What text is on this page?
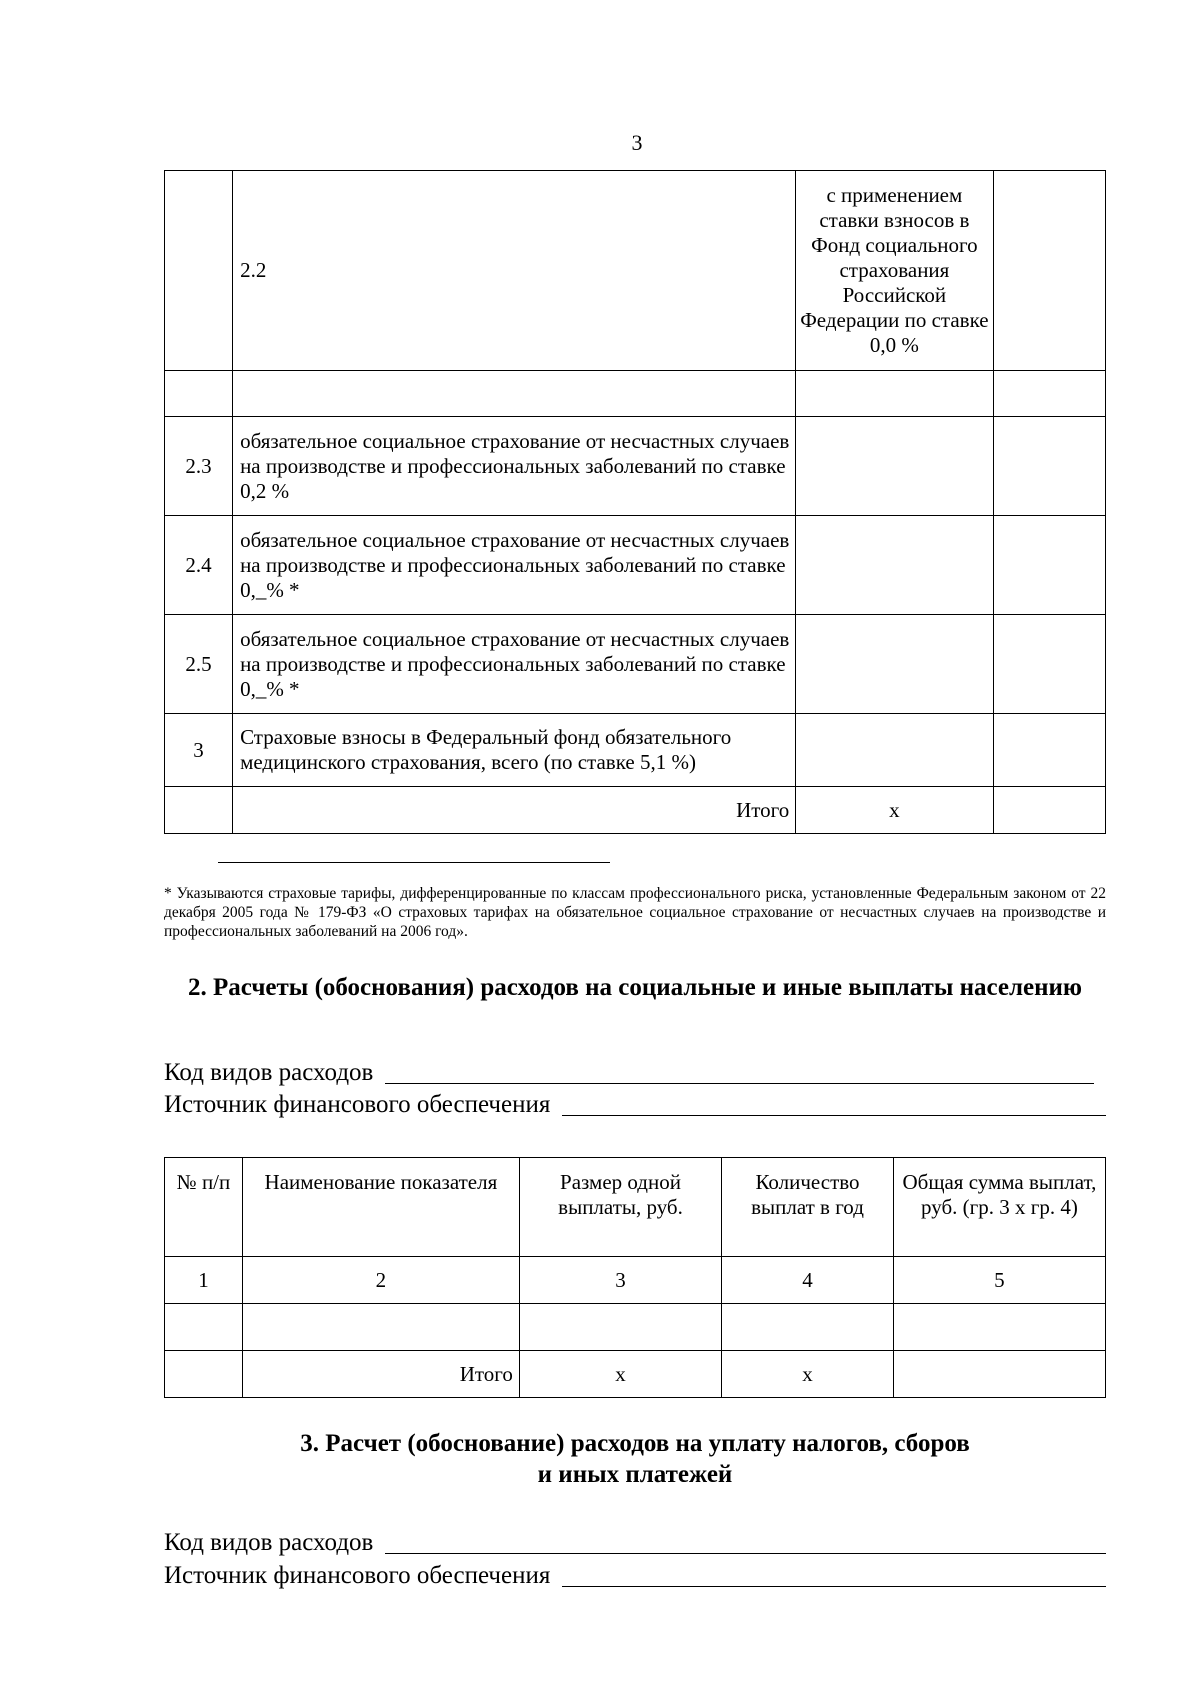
3
	2.2	с применением ставки взносов в Фонд социального страхования Российской Федерации по ставке 0,0 %	

2.3	обязательное социальное страхование от несчастных случаев на производстве и профессиональных заболеваний по ставке 0,2 %		
2.4	обязательное социальное страхование от несчастных случаев на производстве и профессиональных заболеваний по ставке 0,_% *		
2.5	обязательное социальное страхование от несчастных случаев на производстве и профессиональных заболеваний по ставке 0,_% *		
3	Страховые взносы в Федеральный фонд обязательного медицинского страхования, всего (по ставке 5,1 %)		
	Итого	x	
* Указываются страховые тарифы, дифференцированные по классам профессионального риска, установленные Федеральным законом от 22 декабря 2005 года № 179-ФЗ «О страховых тарифах на обязательное социальное страхование от несчастных случаев на производстве и профессиональных заболеваний на 2006 год».
2. Расчеты (обоснования) расходов на социальные и иные выплаты населению
Код видов расходов
Источник финансового обеспечения
№ п/п	Наименование показателя	Размер одной выплаты, руб.	Количество выплат в год	Общая сумма выплат, руб. (гр. 3 х гр. 4)
1	2	3	4	5

	Итого	x	x	
3. Расчет (обоснование) расходов на уплату налогов, сборов и иных платежей
Код видов расходов
Источник финансового обеспечения
